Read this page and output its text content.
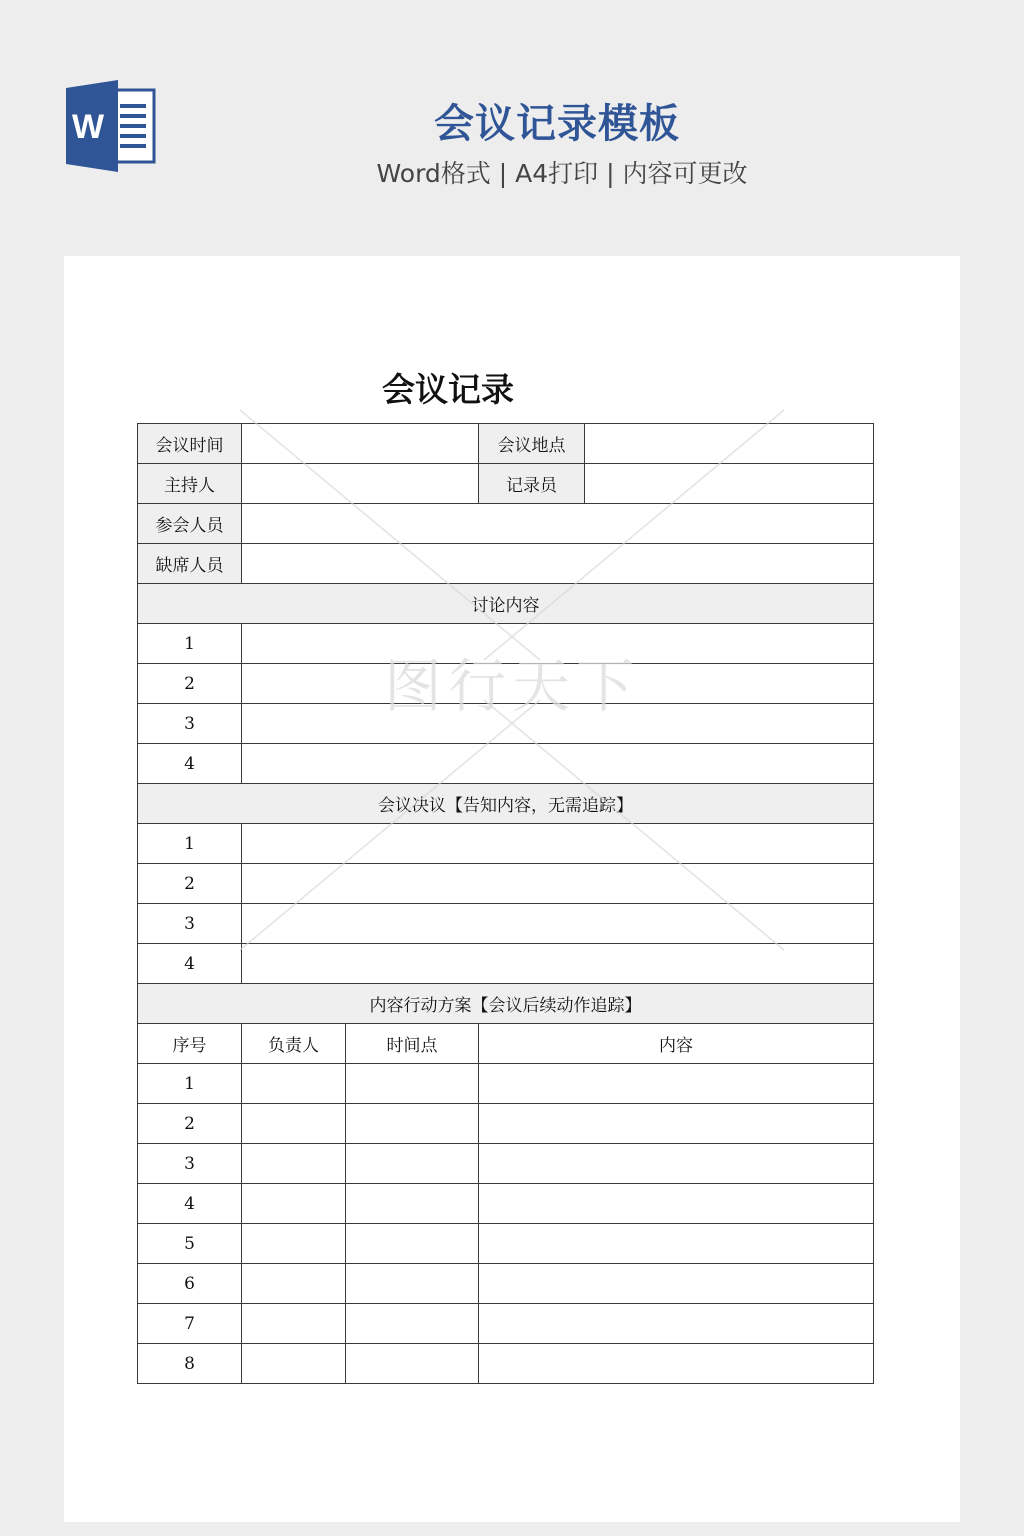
W	会议记录模板
Word格式 | A4打印 | 内容可更改
会议记录
会议时间			会议地点	
主持人			记录员	
参会人员				
缺席人员				
讨论内容				
1				
2				
3				
4				
会议决议【告知内容，无需追踪】				
1				
2				
3				
4				
内容行动方案【会议后续动作追踪】				
序号	负责人	时间点	内容	
1				
2				
3				
4				
5				
6				
7				
8				
图行天下
